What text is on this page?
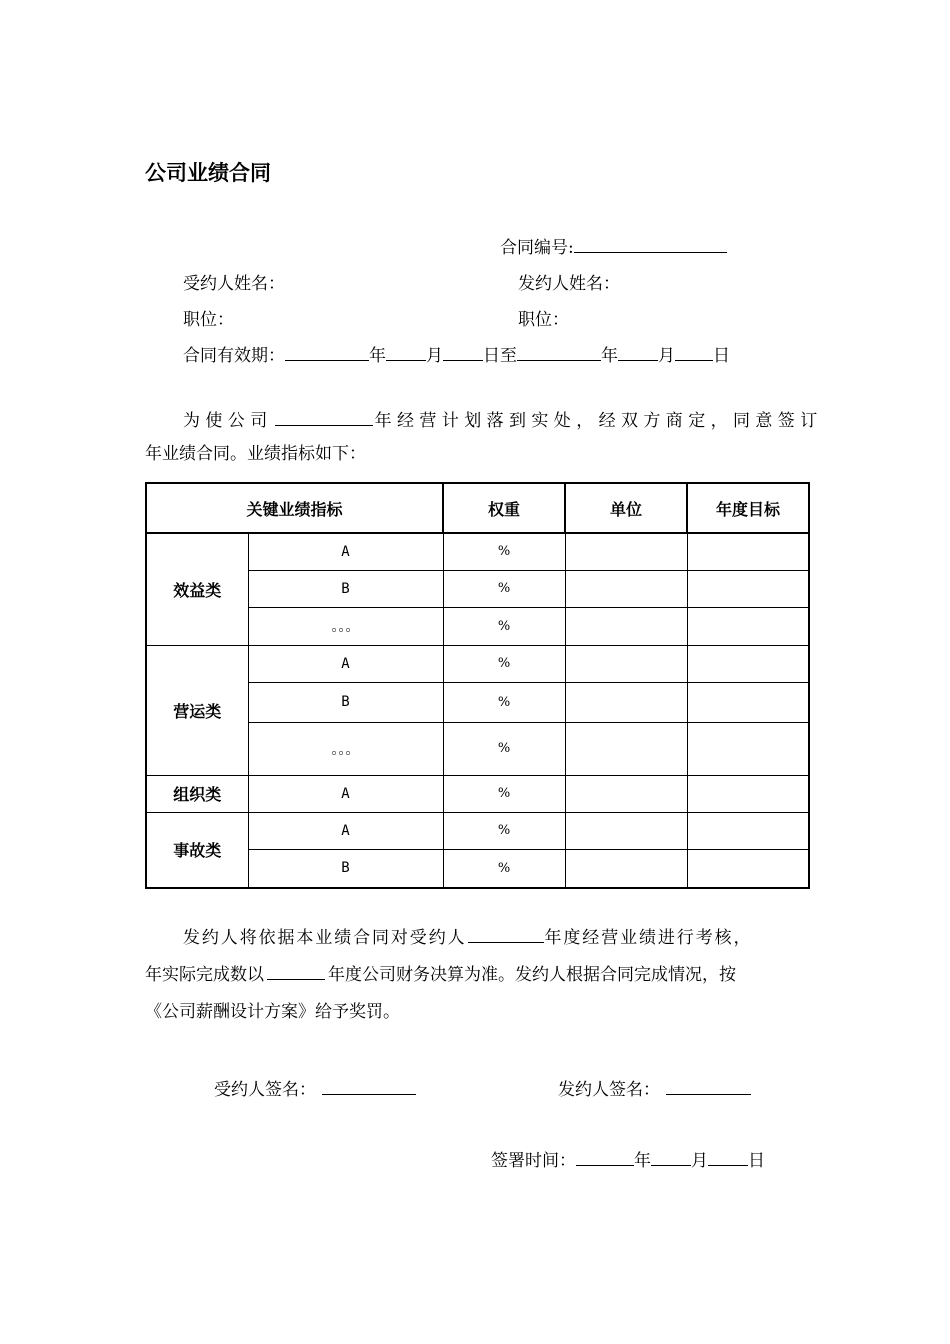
公司业绩合同
合同编号:
受约人姓名：	发约人姓名：
职位：	职位：
合同有效期：	年 月 日至	年 月 日
为使公司	年经营计划落到实处，经双方商定，同意签订
年业绩合同。业绩指标如下：
关键业绩指标		权重	单位	年度目标
效益类	A	%		
	B	%		
	。。。	%		
营运类	A	%		
	B	%		
	。。。	%		
组织类	A	%		
事故类	A	%		
	B	%		
发约人将依据本业绩合同对受约人	年度经营业绩进行考核，
年实际完成数以	年度公司财务决算为准。发约人根据合同完成情况，按
《公司薪酬设计方案》给予奖罚。
受约人签名：	发约人签名：
签署时间：	年 月 日
